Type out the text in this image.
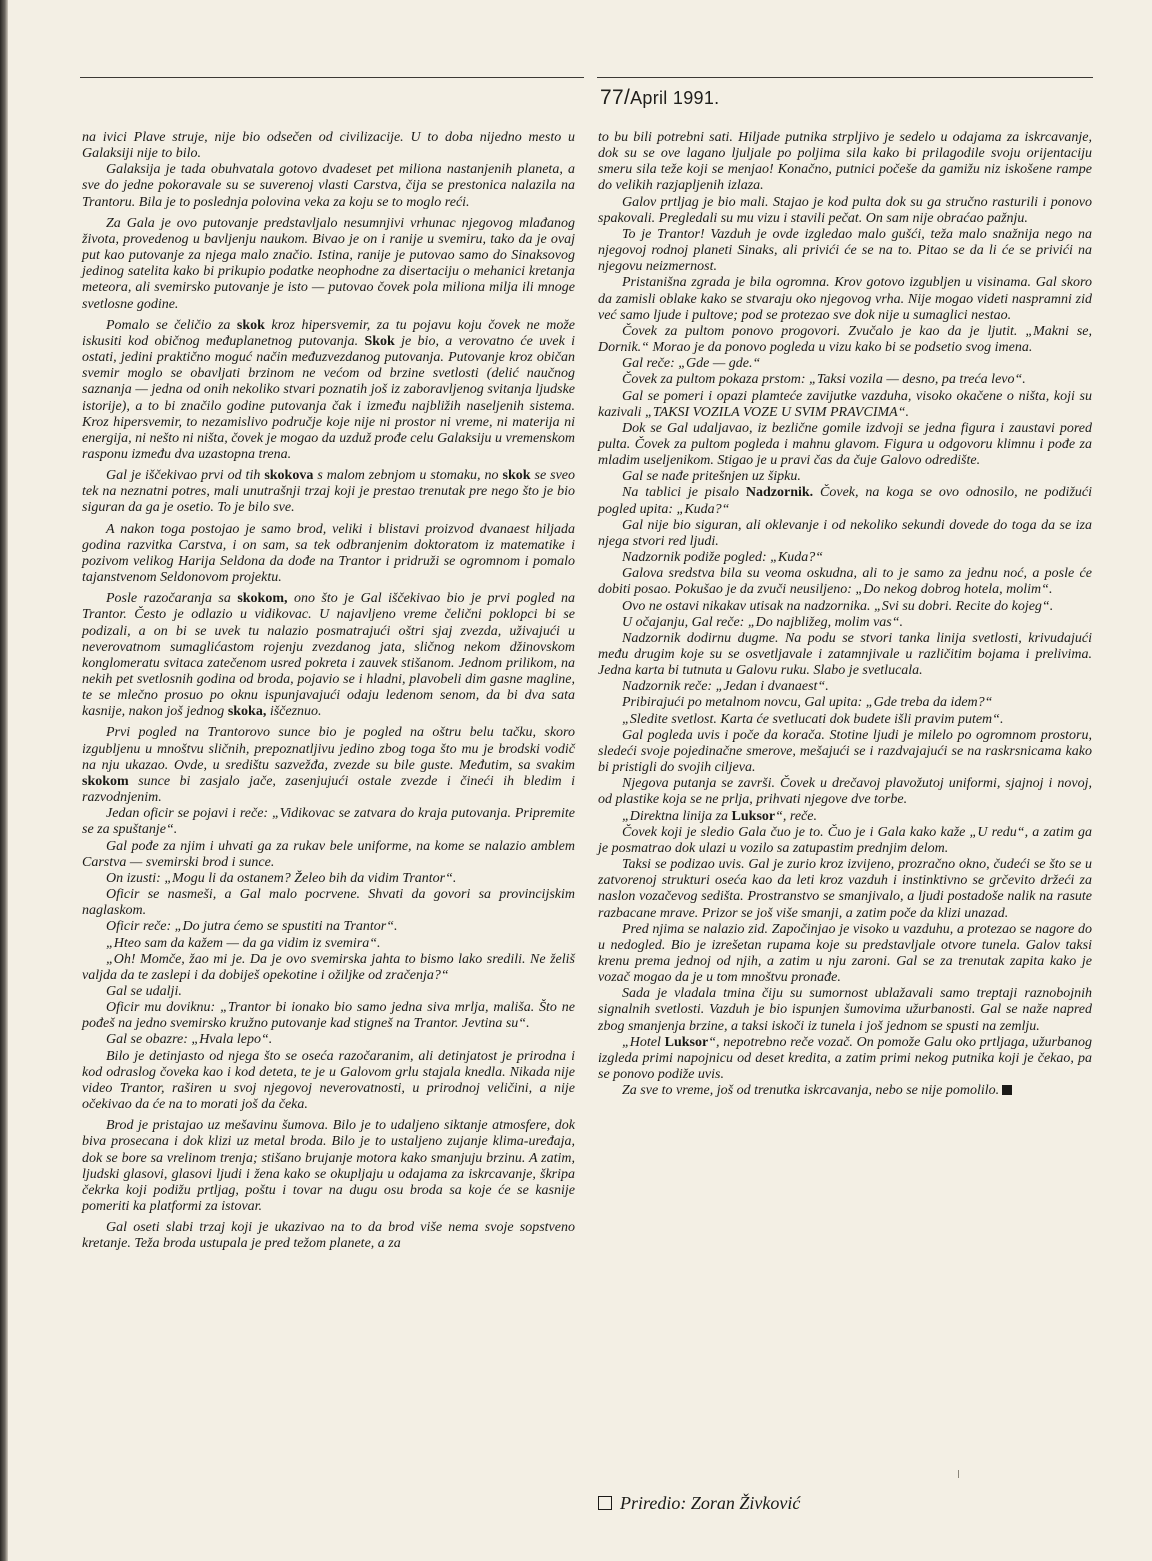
77/April 1991.

na ivici Plave struje, nije bio odsečen od civilizacije. U to doba nijedno mesto u Galaksiji nije to bilo.

Galaksija je tada obuhvatala gotovo dvadeset pet miliona nastanjenih planeta, a sve do jedne pokoravale su se suverenoj vlasti Carstva, čija se prestonica nalazila na Trantoru. Bila je to poslednja polovina veka za koju se to moglo reći.

Za Gala je ovo putovanje predstavljalo nesumnjivi vrhunac njegovog mlađanog života, provedenog u bavljenju naukom. Bivao je on i ranije u svemiru, tako da je ovaj put kao putovanje za njega malo značio. Istina, ranije je putovao samo do Sinaksovog jedinog satelita kako bi prikupio podatke neophodne za disertaciju o mehanici kretanja meteora, ali svemirsko putovanje je isto — putovao čovek pola miliona milja ili mnoge svetlosne godine.

Pomalo se čeličio za skok kroz hipersvemir, za tu pojavu koju čovek ne može iskusiti kod običnog međuplanetnog putovanja. Skok je bio, a verovatno će uvek i ostati, jedini praktično moguć način međuzvezdanog putovanja. Putovanje kroz običan svemir moglo se obavljati brzinom ne većom od brzine svetlosti (delić naučnog saznanja — jedna od onih nekoliko stvari poznatih još iz zaboravljenog svitanja ljudske istorije), a to bi značilo godine putovanja čak i između najbližih naseljenih sistema. Kroz hipersvemir, to nezamislivo područje koje nije ni prostor ni vreme, ni materija ni energija, ni nešto ni ništa, čovek je mogao da uzduž prođe celu Galaksiju u vremenskom rasponu između dva uzastopna trena.

Gal je iščekivao prvi od tih skokova s malom zebnjom u stomaku, no skok se sveo tek na neznatni potres, mali unutrašnji trzaj koji je prestao trenutak pre nego što je bio siguran da ga je osetio. To je bilo sve.

A nakon toga postojao je samo brod, veliki i blistavi proizvod dvanaest hiljada godina razvitka Carstva, i on sam, sa tek odbranjenim doktoratom iz matematike i pozivom velikog Harija Seldona da dođe na Trantor i pridruži se ogromnom i pomalo tajanstvenom Seldonovom projektu.

Posle razočaranja sa skokom, ono što je Gal iščekivao bio je prvi pogled na Trantor. Često je odlazio u vidikovac. U najavljeno vreme čelični poklopci bi se podizali, a on bi se uvek tu nalazio posmatrajući oštri sjaj zvezda, uživajući u neverovatnom sumaglićastom rojenju zvezdanog jata, sličnog nekom džinovskom konglomeratu svitaca zatečenom usred pokreta i zauvek stišanom. Jednom prilikom, na nekih pet svetlosnih godina od broda, pojavio se i hladni, plavobeli dim gasne magline, te se mlečno prosuo po oknu ispunjavajući odaju ledenom senom, da bi dva sata kasnije, nakon još jednog skoka, iščeznuo.

Prvi pogled na Trantorovo sunce bio je pogled na oštru belu tačku, skoro izgubljenu u mnoštvu sličnih, prepoznatljivu jedino zbog toga što mu je brodski vodič na nju ukazao. Ovde, u središtu sazvežđa, zvezde su bile guste. Međutim, sa svakim skokom sunce bi zasjalo jače, zasenjujući ostale zvezde i čineći ih bledim i razvodnjenim.

Jedan oficir se pojavi i reče: „Vidikovac se zatvara do kraja putovanja. Pripremite se za spuštanje“.

Gal pođe za njim i uhvati ga za rukav bele uniforme, na kome se nalazio amblem Carstva — svemirski brod i sunce.

On izusti: „Mogu li da ostanem? Želeo bih da vidim Trantor“.

Oficir se nasmeši, a Gal malo pocrvene. Shvati da govori sa provincijskim naglaskom.

Oficir reče: „Do jutra ćemo se spustiti na Trantor“.

„Hteo sam da kažem — da ga vidim iz svemira“.

„Oh! Momče, žao mi je. Da je ovo svemirska jahta to bismo lako sredili. Ne želiš valjda da te zaslepi i da dobiješ opekotine i ožiljke od zračenja?“

Gal se udalji.

Oficir mu doviknu: „Trantor bi ionako bio samo jedna siva mrlja, mališa. Što ne pođeš na jedno svemirsko kružno putovanje kad stigneš na Trantor. Jevtina su“.

Gal se obazre: „Hvala lepo“.

Bilo je detinjasto od njega što se oseća razočaranim, ali detinjatost je prirodna i kod odraslog čoveka kao i kod deteta, te je u Galovom grlu stajala knedla. Nikada nije video Trantor, raširen u svoj njegovoj neverovatnosti, u prirodnoj veličini, a nije očekivao da će na to morati još da čeka.

Brod je pristajao uz mešavinu šumova. Bilo je to udaljeno siktanje atmosfere, dok biva prosecana i dok klizi uz metal broda. Bilo je to ustaljeno zujanje klima-uređaja, dok se bore sa vrelinom trenja; stišano brujanje motora kako smanjuju brzinu. A zatim, ljudski glasovi, glasovi ljudi i žena kako se okupljaju u odajama za iskrcavanje, škripa čekrka koji podižu prtljag, poštu i tovar na dugu osu broda sa koje će se kasnije pomeriti ka platformi za istovar.

Gal oseti slabi trzaj koji je ukazivao na to da brod više nema svoje sopstveno kretanje. Teža broda ustupala je pred težom planete, a za

to bu bili potrebni sati. Hiljade putnika strpljivo je sedelo u odajama za iskrcavanje, dok su se ove lagano ljuljale po poljima sila kako bi prilagodile svoju orijentaciju smeru sila teže koji se menjao! Konačno, putnici počeše da gamižu niz iskošene rampe do velikih razjapljenih izlaza.

Galov prtljag je bio mali. Stajao je kod pulta dok su ga stručno rasturili i ponovo spakovali. Pregledali su mu vizu i stavili pečat. On sam nije obraćao pažnju.

To je Trantor! Vazduh je ovde izgledao malo gušći, teža malo snažnija nego na njegovoj rodnoj planeti Sinaks, ali privići će se na to. Pitao se da li će se privići na njegovu neizmernost.

Pristanišna zgrada je bila ogromna. Krov gotovo izgubljen u visinama. Gal skoro da zamisli oblake kako se stvaraju oko njegovog vrha. Nije mogao videti naspramni zid već samo ljude i pultove; pod se protezao sve dok nije u sumaglici nestao.

Čovek za pultom ponovo progovori. Zvučalo je kao da je ljutit. „Makni se, Dornik.“ Morao je da ponovo pogleda u vizu kako bi se podsetio svog imena.

Gal reče: „Gde — gde.“

Čovek za pultom pokaza prstom: „Taksi vozila — desno, pa treća levo“.

Gal se pomeri i opazi plamteće zavijutke vazduha, visoko okačene o ništa, koji su kazivali „TAKSI VOZILA VOZE U SVIM PRAVCIMA“.

Dok se Gal udaljavao, iz bezlične gomile izdvoji se jedna figura i zaustavi pored pulta. Čovek za pultom pogleda i mahnu glavom. Figura u odgovoru klimnu i pođe za mladim useljenikom. Stigao je u pravi čas da čuje Galovo odredište.

Gal se nađe pritešnjen uz šipku.

Na tablici je pisalo Nadzornik. Čovek, na koga se ovo odnosilo, ne podižući pogled upita: „Kuda?“

Gal nije bio siguran, ali oklevanje i od nekoliko sekundi dovede do toga da se iza njega stvori red ljudi.

Nadzornik podiže pogled: „Kuda?“

Galova sredstva bila su veoma oskudna, ali to je samo za jednu noć, a posle će dobiti posao. Pokušao je da zvuči neusiljeno: „Do nekog dobrog hotela, molim“.

Ovo ne ostavi nikakav utisak na nadzornika. „Svi su dobri. Recite do kojeg“.

U očajanju, Gal reče: „Do najbližeg, molim vas“.

Nadzornik dodirnu dugme. Na podu se stvori tanka linija svetlosti, krivudajući među drugim koje su se osvetljavale i zatamnjivale u različitim bojama i prelivima. Jedna karta bi tutnuta u Galovu ruku. Slabo je svetlucala.

Nadzornik reče: „Jedan i dvanaest“.

Pribirajući po metalnom novcu, Gal upita: „Gde treba da idem?“

„Sledite svetlost. Karta će svetlucati dok budete išli pravim putem“.

Gal pogleda uvis i poče da korača. Stotine ljudi je milelo po ogromnom prostoru, sledeći svoje pojedinačne smerove, mešajući se i razdvajajući se na raskrsnicama kako bi pristigli do svojih ciljeva.

Njegova putanja se završi. Čovek u drečavoj plavožutoj uniformi, sjajnoj i novoj, od plastike koja se ne prlja, prihvati njegove dve torbe.

„Direktna linija za Luksor“, reče.

Čovek koji je sledio Gala čuo je to. Čuo je i Gala kako kaže „U redu“, a zatim ga je posmatrao dok ulazi u vozilo sa zatupastim prednjim delom.

Taksi se podizao uvis. Gal je zurio kroz izvijeno, prozračno okno, čudeći se što se u zatvorenoj strukturi oseća kao da leti kroz vazduh i instinktivno se grčevito držeći za naslon vozačevog sedišta. Prostranstvo se smanjivalo, a ljudi postadoše nalik na rasute razbacane mrave. Prizor se još više smanji, a zatim poče da klizi unazad.

Pred njima se nalazio zid. Započinjao je visoko u vazduhu, a protezao se nagore do u nedogled. Bio je izrešetan rupama koje su predstavljale otvore tunela. Galov taksi krenu prema jednoj od njih, a zatim u nju zaroni. Gal se za trenutak zapita kako je vozač mogao da je u tom mnoštvu pronađe.

Sada je vladala tmina čiju su sumornost ublažavali samo treptaji raznobojnih signalnih svetlosti. Vazduh je bio ispunjen šumovima užurbanosti. Gal se naže napred zbog smanjenja brzine, a taksi iskoči iz tunela i još jednom se spusti na zemlju.

„Hotel Luksor“, nepotrebno reče vozač. On pomože Galu oko prtljaga, užurbanog izgleda primi napojnicu od deset kredita, a zatim primi nekog putnika koji je čekao, pa se ponovo podiže uvis.

Za sve to vreme, još od trenutka iskrcavanja, nebo se nije pomolilo.

Priredio: Zoran Živković
